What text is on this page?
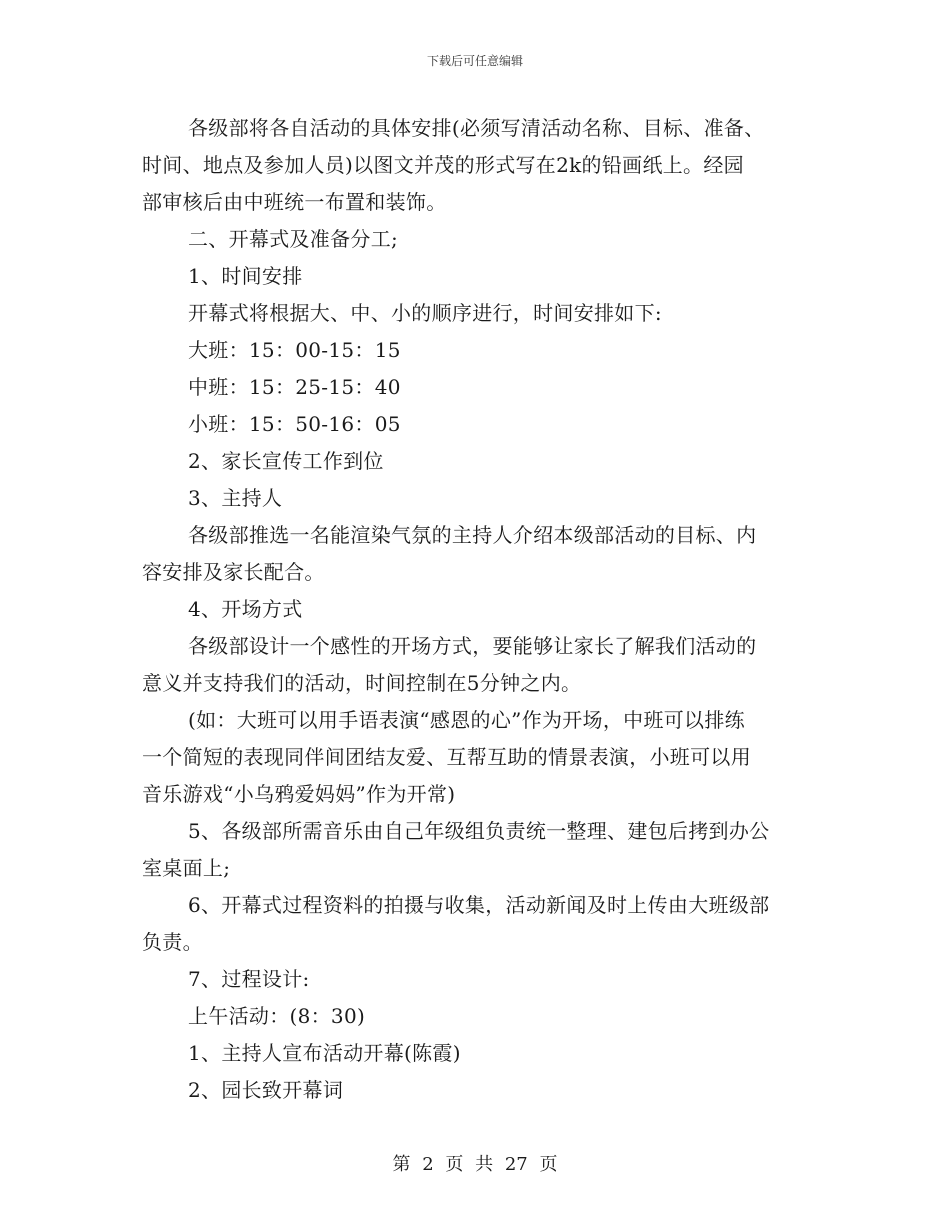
下载后可任意编辑
各级部将各自活动的具体安排(必须写清活动名称、目标、准备、
时间、地点及参加人员)以图文并茂的形式写在2k的铅画纸上。经园
部审核后由中班统一布置和装饰。
二、开幕式及准备分工;
1、时间安排
开幕式将根据大、中、小的顺序进行，时间安排如下:
大班：15：00-15：15
中班：15：25-15：40
小班：15：50-16：05
2、家长宣传工作到位
3、主持人
各级部推选一名能渲染气氛的主持人介绍本级部活动的目标、内
容安排及家长配合。
4、开场方式
各级部设计一个感性的开场方式，要能够让家长了解我们活动的
意义并支持我们的活动，时间控制在5分钟之内。
(如：大班可以用手语表演“感恩的心”作为开场，中班可以排练
一个简短的表现同伴间团结友爱、互帮互助的情景表演，小班可以用
音乐游戏“小乌鸦爱妈妈”作为开常)
5、各级部所需音乐由自己年级组负责统一整理、建包后拷到办公
室桌面上;
6、开幕式过程资料的拍摄与收集，活动新闻及时上传由大班级部
负责。
7、过程设计:
上午活动：(8：30)
1、主持人宣布活动开幕(陈霞)
2、园长致开幕词
第 2 页 共 27 页
